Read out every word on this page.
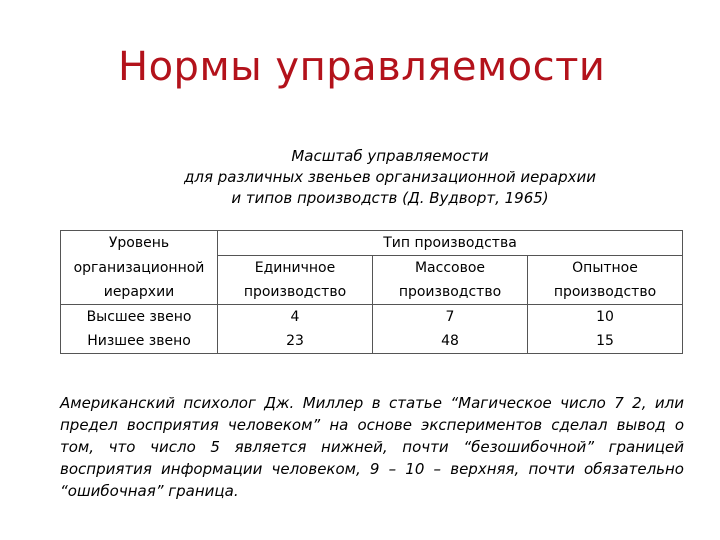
Нормы управляемости
Масштаб управляемости
для различных звеньев организационной иерархии
и типов производств (Д. Вудворт, 1965)
Уровень	Тип производства		
организационной	Единичное	Массовое	Опытное
иерархии	производство	производство	производство
Высшее звено	4	7	10
Низшее звено	23	48	15
Американский психолог Дж. Миллер в статье “Магическое число 7 2, или предел восприятия человеком” на основе экспериментов сделал вывод о том, что число 5 является нижней, почти “безошибочной” границей восприятия информации человеком, 9 – 10 – верхняя, почти обязательно “ошибочная” граница.
